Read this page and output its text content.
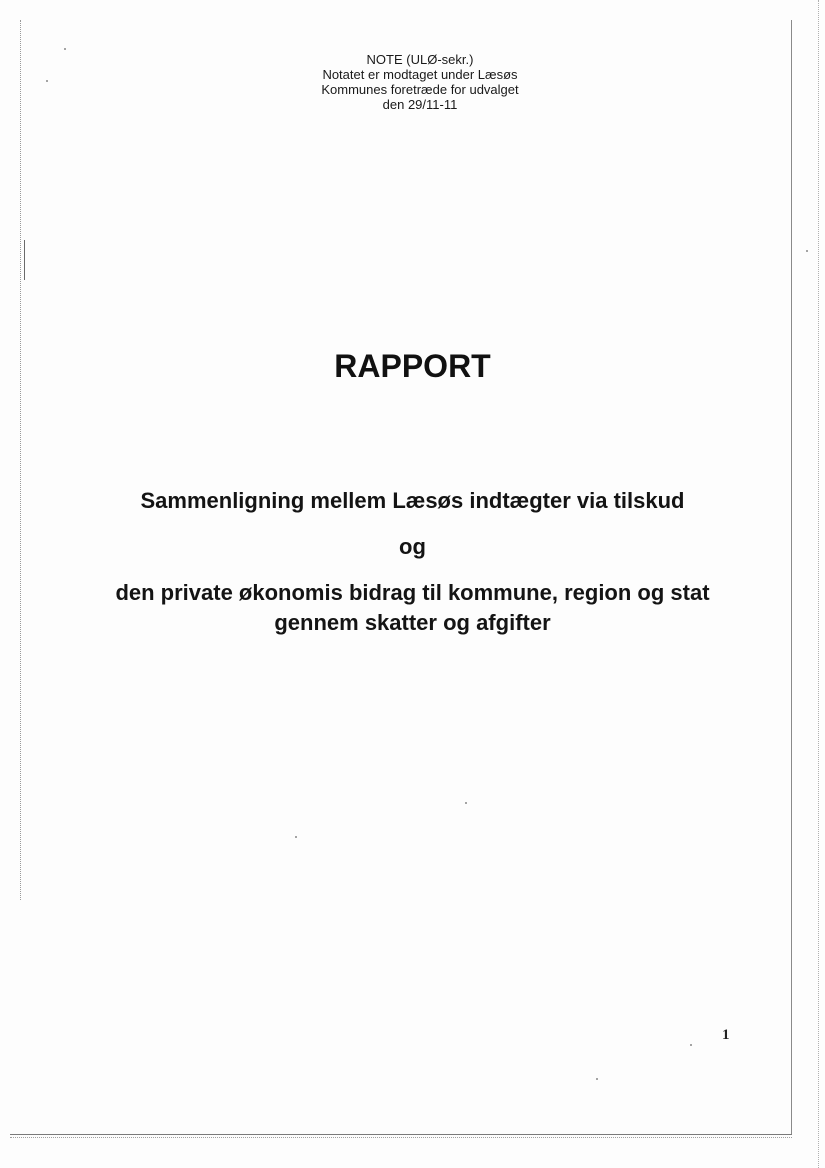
NOTE (ULØ-sekr.)
Notatet er modtaget under Læsøs
Kommunes foretræde for udvalget
den 29/11-11
RAPPORT
Sammenligning mellem Læsøs indtægter via tilskud
og
den private økonomis bidrag til kommune, region og stat
gennem skatter og afgifter
1
